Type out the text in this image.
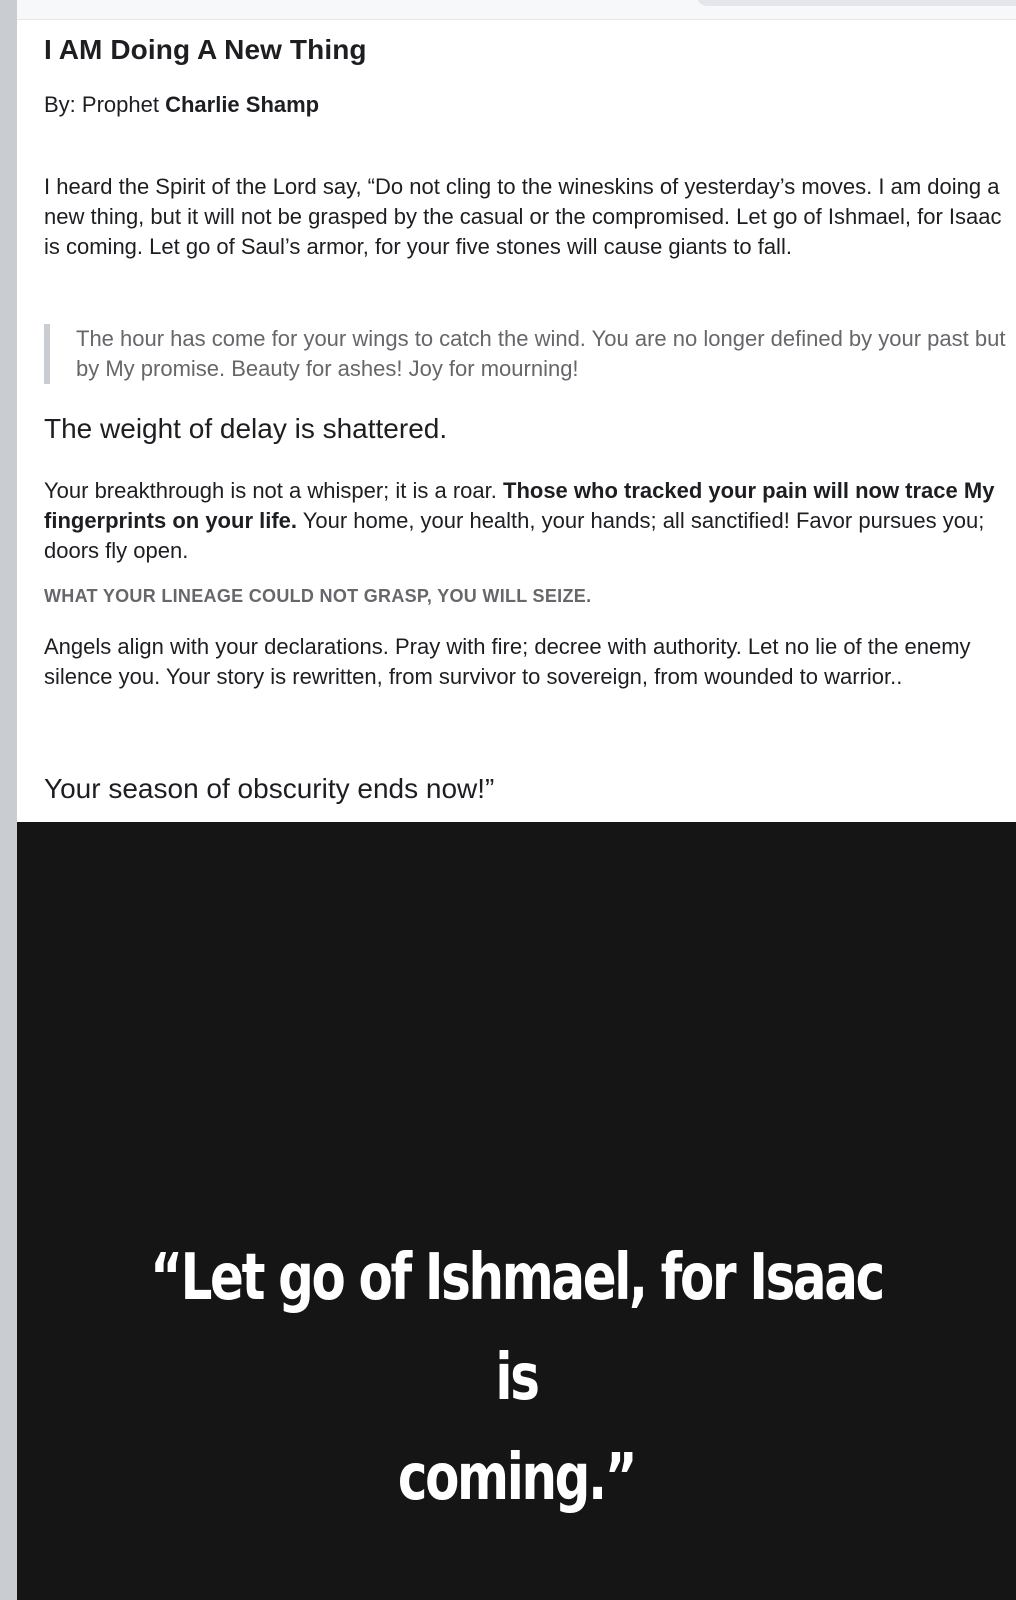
I AM Doing A New Thing

By: Prophet Charlie Shamp

I heard the Spirit of the Lord say, “Do not cling to the wineskins of yesterday’s moves. I am doing a new thing, but it will not be grasped by the casual or the compromised. Let go of Ishmael, for Isaac is coming. Let go of Saul’s armor, for your five stones will cause giants to fall.

The hour has come for your wings to catch the wind. You are no longer defined by your past but by My promise. Beauty for ashes! Joy for mourning!
The weight of delay is shattered.

Your breakthrough is not a whisper; it is a roar. Those who tracked your pain will now trace My fingerprints on your life. Your home, your health, your hands; all sanctified! Favor pursues you; doors fly open.

WHAT YOUR LINEAGE COULD NOT GRASP, YOU WILL SEIZE.

Angels align with your declarations. Pray with fire; decree with authority. Let no lie of the enemy silence you. Your story is rewritten, from survivor to sovereign, from wounded to warrior..

Your season of obscurity ends now!”

“Let go of Ishmael, for Isaac is
coming.”
